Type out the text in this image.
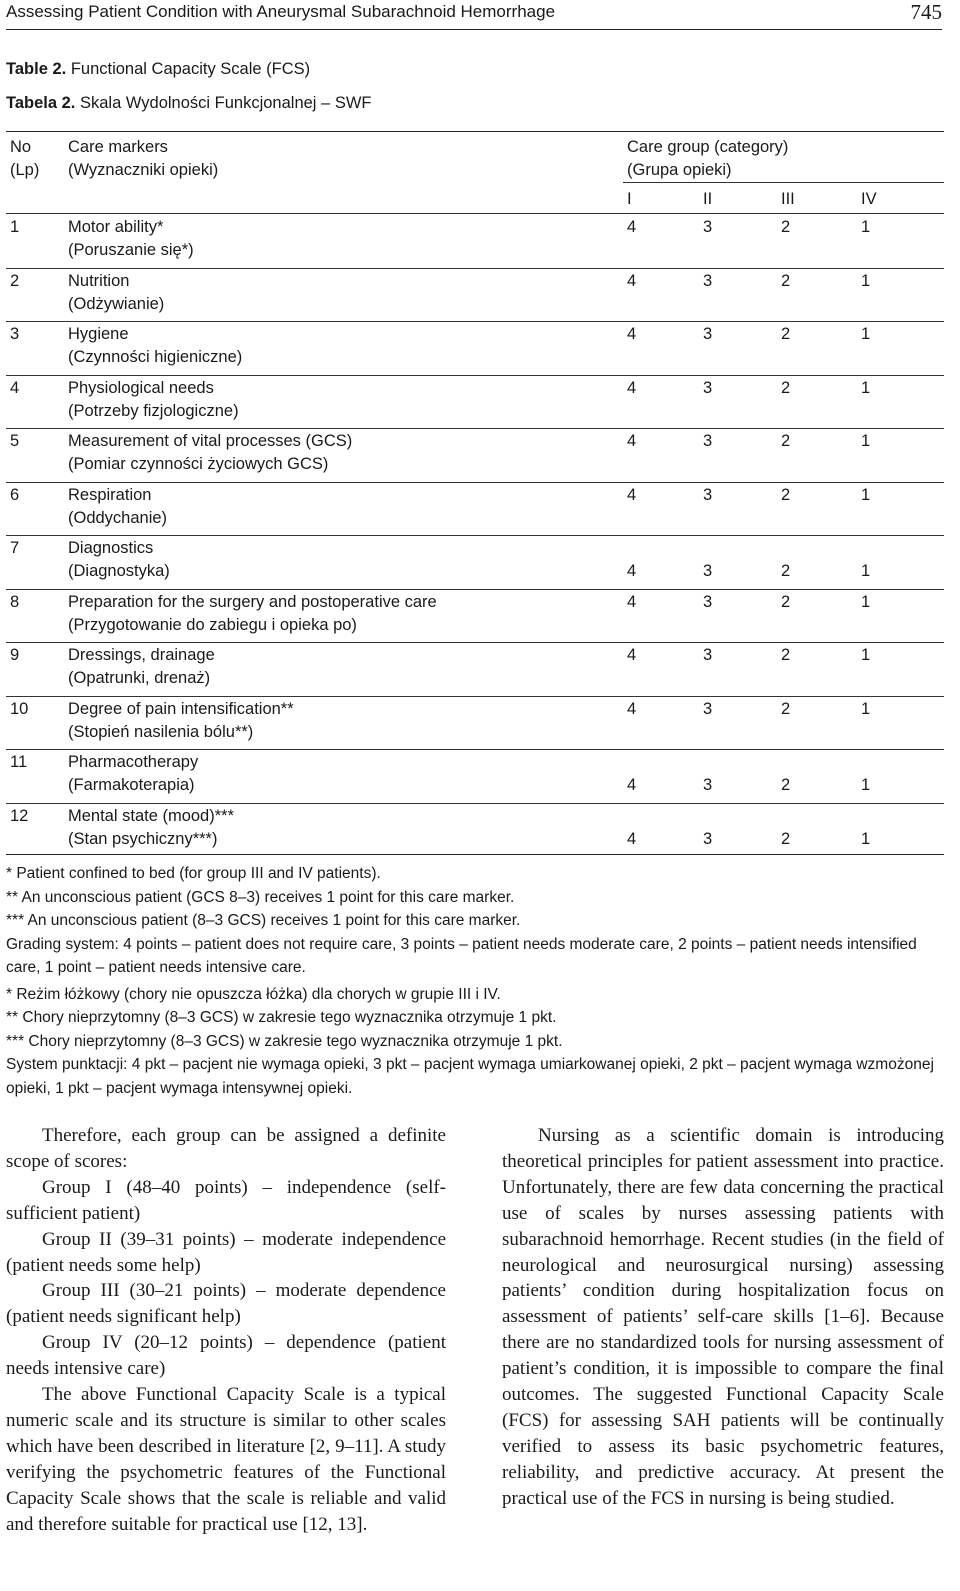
Assessing Patient Condition with Aneurysmal Subarachnoid Hemorrhage	745
Table 2. Functional Capacity Scale (FCS)
Tabela 2. Skala Wydolności Funkcjonalnej – SWF
No
(Lp)
Care markers
(Wyznaczniki opieki)
Care group (category)
(Grupa opieki)
I	II	III	IV
1	Motor ability*
(Poruszanie się*)
4	3	2	1
2	Nutrition
(Odżywianie)
4	3	2	1
3	Hygiene
(Czynności higieniczne)
4	3	2	1
4	Physiological needs
(Potrzeby fizjologiczne)
4	3	2	1
5	Measurement of vital processes (GCS)
(Pomiar czynności życiowych GCS)
4	3	2	1
6	Respiration
(Oddychanie)
4	3	2	1
7	Diagnostics
(Diagnostyka)	4	3	2	1
8	Preparation for the surgery and postoperative care
(Przygotowanie do zabiegu i opieka po)
4	3	2	1
9	Dressings, drainage
(Opatrunki, drenaż)
4	3	2	1
10 Degree of pain intensification**
(Stopień nasilenia bólu**)
4	3	2	1
11 Pharmacotherapy
(Farmakoterapia)	4	3	2	1
12 Mental state (mood)***
(Stan psychiczny***)	4	3	2	1

* Patient confined to bed (for group III and IV patients).

** An unconscious patient (GCS 8–3) receives 1 point for this care marker.

*** An unconscious patient (8–3 GCS) receives 1 point for this care marker.

Grading system: 4 points – patient does not require care, 3 points – patient needs moderate care, 2 points – patient needs intensified care, 1 point – patient needs intensive care.

* Reżim łóżkowy (chory nie opuszcza łóżka) dla chorych w grupie III i IV.

** Chory nieprzytomny (8–3 GCS) w zakresie tego wyznacznika otrzymuje 1 pkt.

*** Chory nieprzytomny (8–3 GCS) w zakresie tego wyznacznika otrzymuje 1 pkt.

System punktacji: 4 pkt – pacjent nie wymaga opieki, 3 pkt – pacjent wymaga umiarkowanej opieki, 2 pkt – pacjent wymaga wzmożonej opieki, 1 pkt – pacjent wymaga intensywnej opieki.

Therefore, each group can be assigned a definite scope of scores:

Group I (48–40 points) – independence (self-sufficient patient)

Group II (39–31 points) – moderate independence (patient needs some help)

Group III (30–21 points) – moderate dependence (patient needs significant help)

Group IV (20–12 points) – dependence (patient needs intensive care)

The above Functional Capacity Scale is a typical numeric scale and its structure is similar to other scales which have been described in literature [2, 9–11]. A study verifying the psychometric features of the Functional Capacity Scale shows that the scale is reliable and valid and therefore suitable for practical use [12, 13].

Nursing as a scientific domain is introducing theoretical principles for patient assessment into practice. Unfortunately, there are few data concerning the practical use of scales by nurses assessing patients with subarachnoid hemorrhage. Recent studies (in the field of neurological and neurosurgical nursing) assessing patients’ condition during hospitalization focus on assessment of patients’ self-care skills [1–6]. Because there are no standardized tools for nursing assessment of patient’s condition, it is impossible to compare the final outcomes. The suggested Functional Capacity Scale (FCS) for assessing SAH patients will be continually verified to assess its basic psychometric features, reliability, and predictive accuracy. At present the practical use of the FCS in nursing is being studied.
